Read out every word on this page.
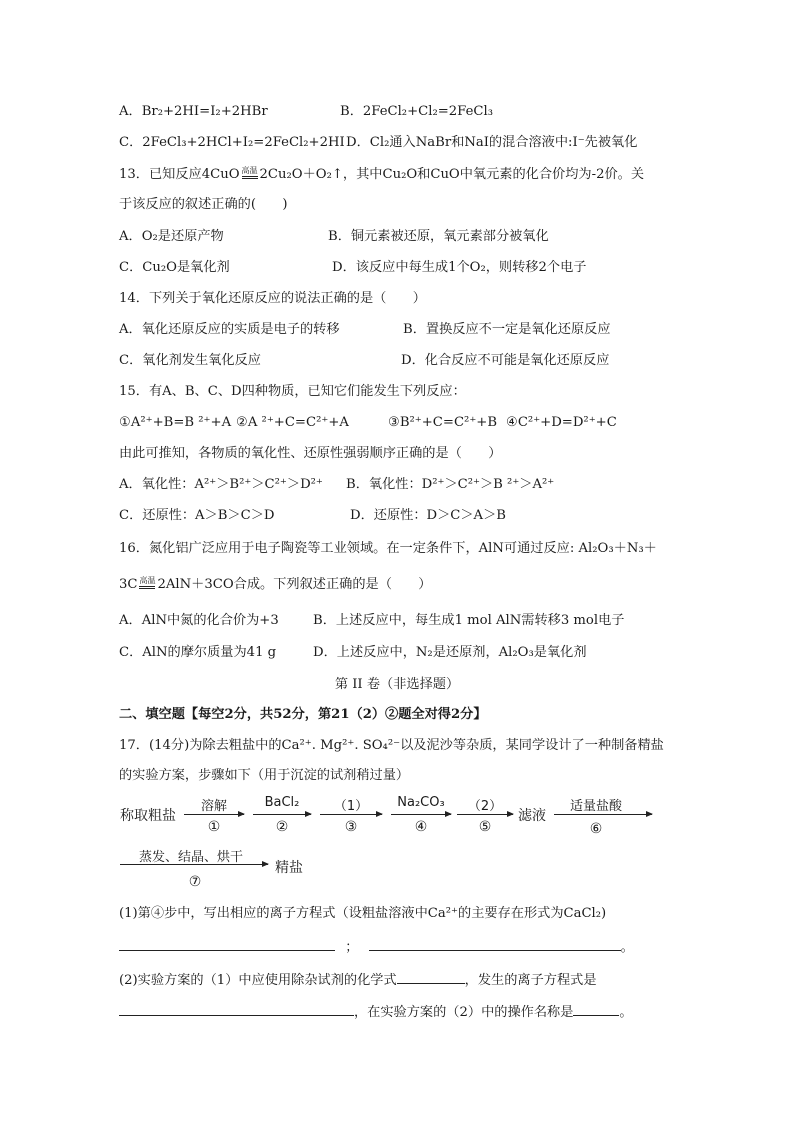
A．Br₂+2HI=I₂+2HBr	B．2FeCl₂+Cl₂=2FeCl₃
C．2FeCl₃+2HCl+I₂=2FeCl₂+2HI D．Cl₂通入NaBr和NaI的混合溶液中:I⁻先被氧化
13．已知反应4CuO 高温 2Cu₂O＋O₂↑，其中Cu₂O和CuO中氧元素的化合价均为-2价。关
于该反应的叙述正确的(　　)
A．O₂是还原产物	B．铜元素被还原，氧元素部分被氧化
C．Cu₂O是氧化剂	D．该反应中每生成1个O₂，则转移2个电子
14．下列关于氧化还原反应的说法正确的是（　　）
A．氧化还原反应的实质是电子的转移	B．置换反应不一定是氧化还原反应
C．氧化剂发生氧化反应	D．化合反应不可能是氧化还原反应
15．有A、B、C、D四种物质，已知它们能发生下列反应：
①A²⁺+B=B ²⁺+A ②A ²⁺+C=C²⁺+A	③B²⁺+C=C²⁺+B ④C²⁺+D=D²⁺+C
由此可推知，各物质的氧化性、还原性强弱顺序正确的是（　　）
A．氧化性：A²⁺＞B²⁺＞C²⁺＞D²⁺ B．氧化性：D²⁺＞C²⁺＞B ²⁺＞A²⁺
C．还原性：A＞B＞C＞D	D．还原性：D＞C＞A＞B
16．氮化铝广泛应用于电子陶瓷等工业领域。在一定条件下，AlN可通过反应: Al₂O₃＋N₃＋
3C 高温 2AlN＋3CO合成。下列叙述正确的是（　　）
A．AlN中氮的化合价为+3	B．上述反应中，每生成1 mol AlN需转移3 mol电子
C．AlN的摩尔质量为41 g	D．上述反应中，N₂是还原剂，Al₂O₃是氧化剂
第 II 卷（非选择题）
二、填空题【每空2分，共52分，第21（2）②题全对得2分】
17．(14分)为除去粗盐中的Ca²⁺. Mg²⁺. SO₄²⁻以及泥沙等杂质，某同学设计了一种制备精盐
的实验方案，步骤如下（用于沉淀的试剂稍过量）
称取粗盐
溶解
①
BaCl₂
②
（1）
③
Na₂CO₃
④
（2）
⑤
滤液
适量盐酸
⑥
蒸发、结晶、烘干
⑦
精盐
(1)第④步中，写出相应的离子方程式（设粗盐溶液中Ca²⁺的主要存在形式为CaCl₂)
；	。
(2)实验方案的（1）中应使用除杂试剂的化学式	，发生的离子方程式是
，在实验方案的（2）中的操作名称是	。
